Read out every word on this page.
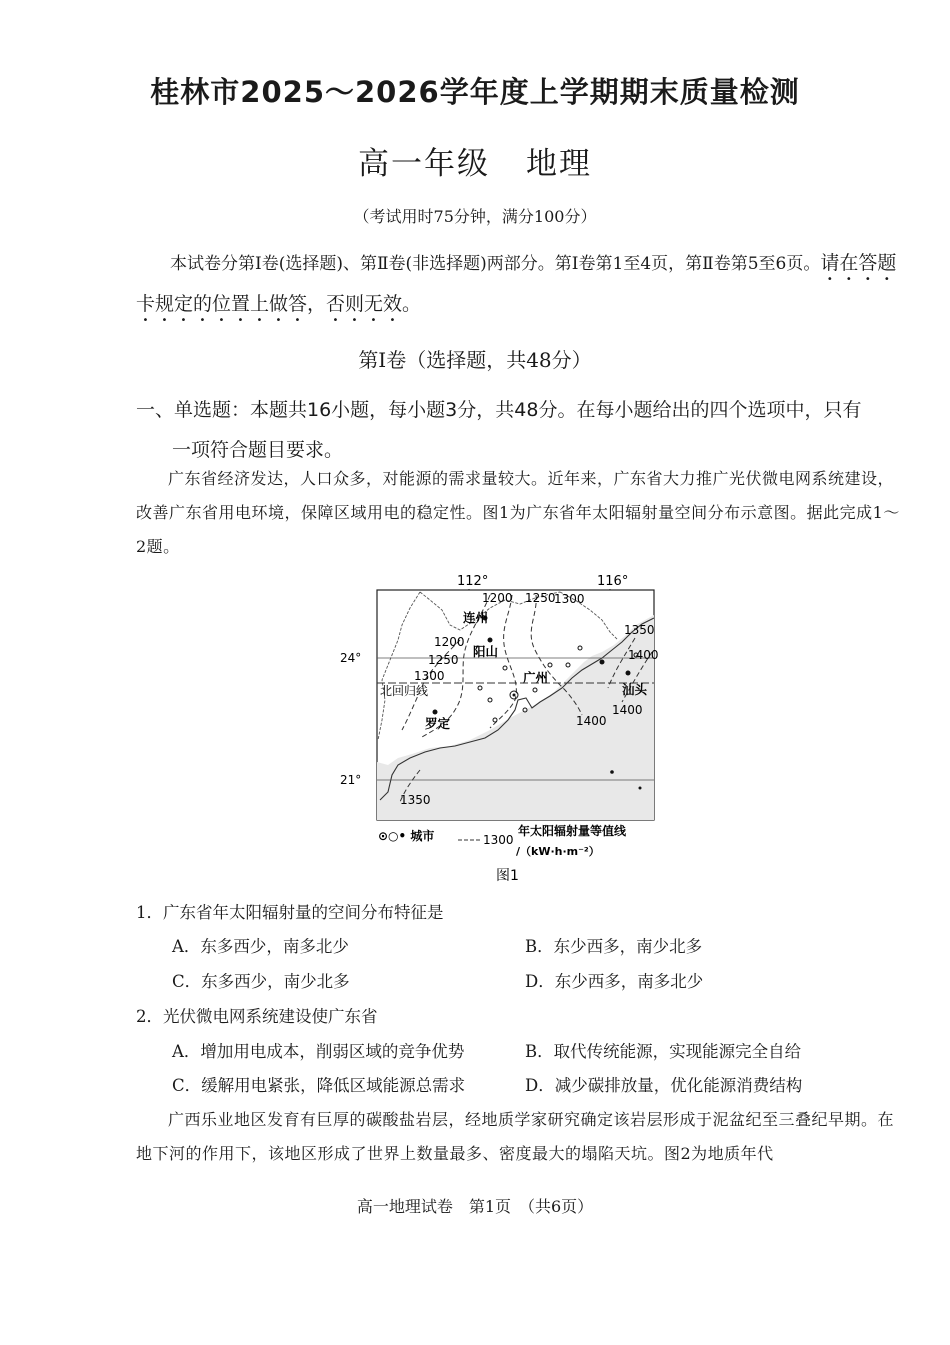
桂林市2025～2026学年度上学期期末质量检测
高一年级 地理
（考试用时75分钟，满分100分）
本试卷分第Ⅰ卷(选择题)、第Ⅱ卷(非选择题)两部分。第Ⅰ卷第1至4页，第Ⅱ卷第5至6页。请在答题卡规定的位置上做答，否则无效。
第Ⅰ卷（选择题，共48分）
一、单选题：本题共16小题，每小题3分，共48分。在每小题给出的四个选项中，只有
一项符合题目要求。
广东省经济发达，人口众多，对能源的需求量较大。近年来，广东省大力推广光伏微电网系统建设，改善广东省用电环境，保障区域用电的稳定性。图1为广东省年太阳辐射量空间分布示意图。据此完成1～2题。
112°	116°
24°
21°
北回归线
1200 1250
1300
1200
1250
1300
1350
1400
1400
1400
1350
连州
阳山
广州
罗定
汕头
⊙○• 城市	1300
年太阳辐射量等值线
/（kW·h·m⁻²）
图1
1．广东省年太阳辐射量的空间分布特征是
A．东多西少，南多北少	B．东少西多，南少北多
C．东多西少，南少北多	D．东少西多，南多北少
2．光伏微电网系统建设使广东省
A．增加用电成本，削弱区域的竞争优势	B．取代传统能源，实现能源完全自给
C．缓解用电紧张，降低区域能源总需求	D．减少碳排放量，优化能源消费结构
广西乐业地区发育有巨厚的碳酸盐岩层，经地质学家研究确定该岩层形成于泥盆纪至三叠纪早期。在地下河的作用下，该地区形成了世界上数量最多、密度最大的塌陷天坑。图2为地质年代
高一地理试卷　第1页　（共6页）
